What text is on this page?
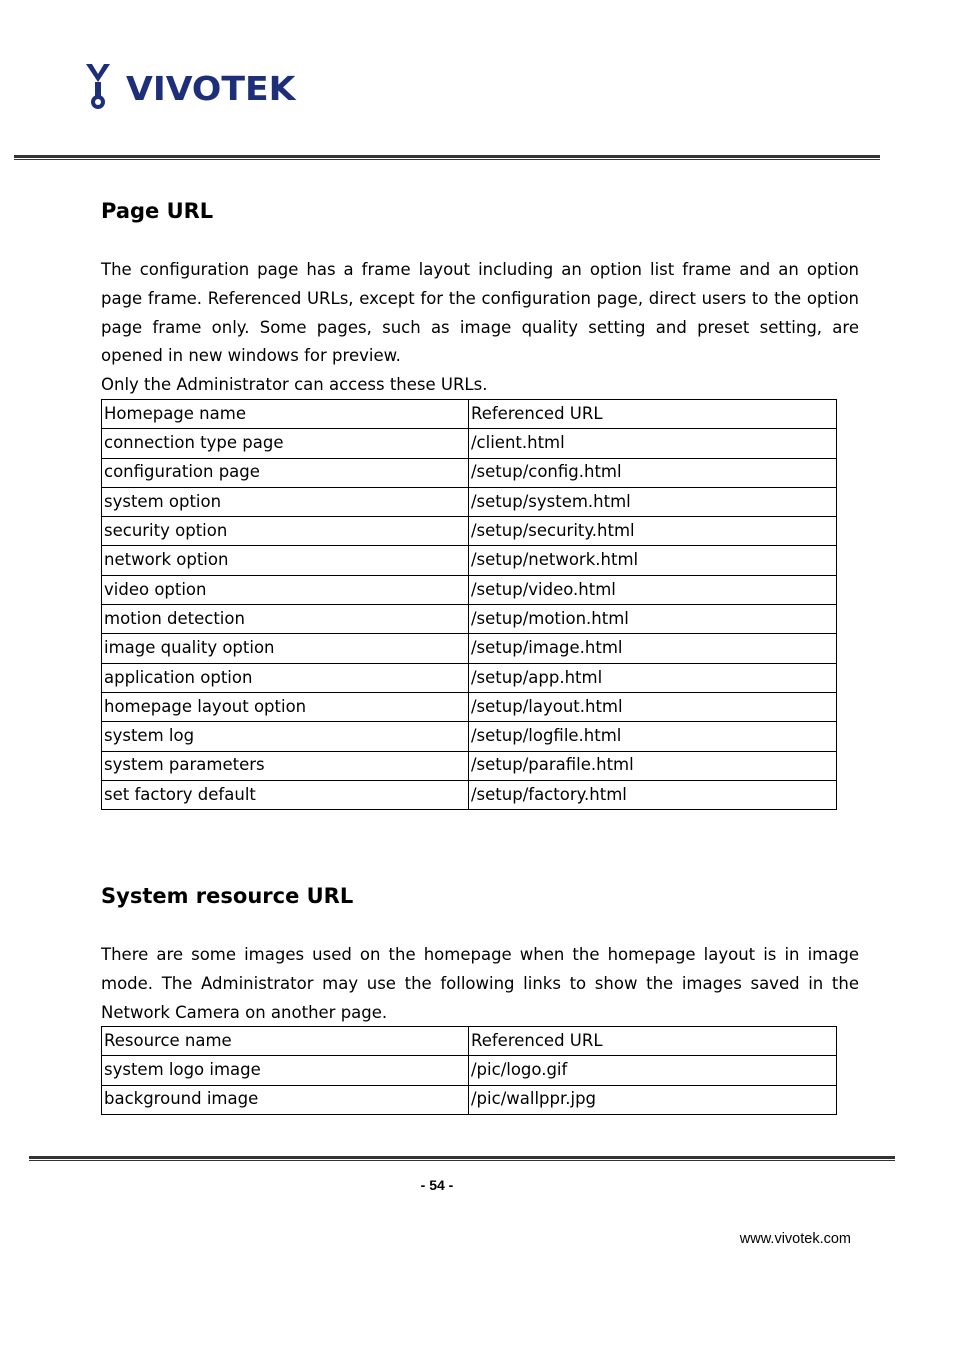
VIVOTEK
Page URL

The configuration page has a frame layout including an option list frame and an option page frame. Referenced URLs, except for the configuration page, direct users to the option page frame only. Some pages, such as image quality setting and preset setting, are opened in new windows for preview.

Only the Administrator can access these URLs.

Homepage name	Referenced URL
connection type page	/client.html
configuration page	/setup/config.html
system option	/setup/system.html
security option	/setup/security.html
network option	/setup/network.html
video option	/setup/video.html
motion detection	/setup/motion.html
image quality option	/setup/image.html
application option	/setup/app.html
homepage layout option	/setup/layout.html
system log	/setup/logfile.html
system parameters	/setup/parafile.html
set factory default	/setup/factory.html
System resource URL

There are some images used on the homepage when the homepage layout is in image mode. The Administrator may use the following links to show the images saved in the Network Camera on another page.

Resource name	Referenced URL
system logo image	/pic/logo.gif
background image	/pic/wallppr.jpg
- 54 -
www.vivotek.com
